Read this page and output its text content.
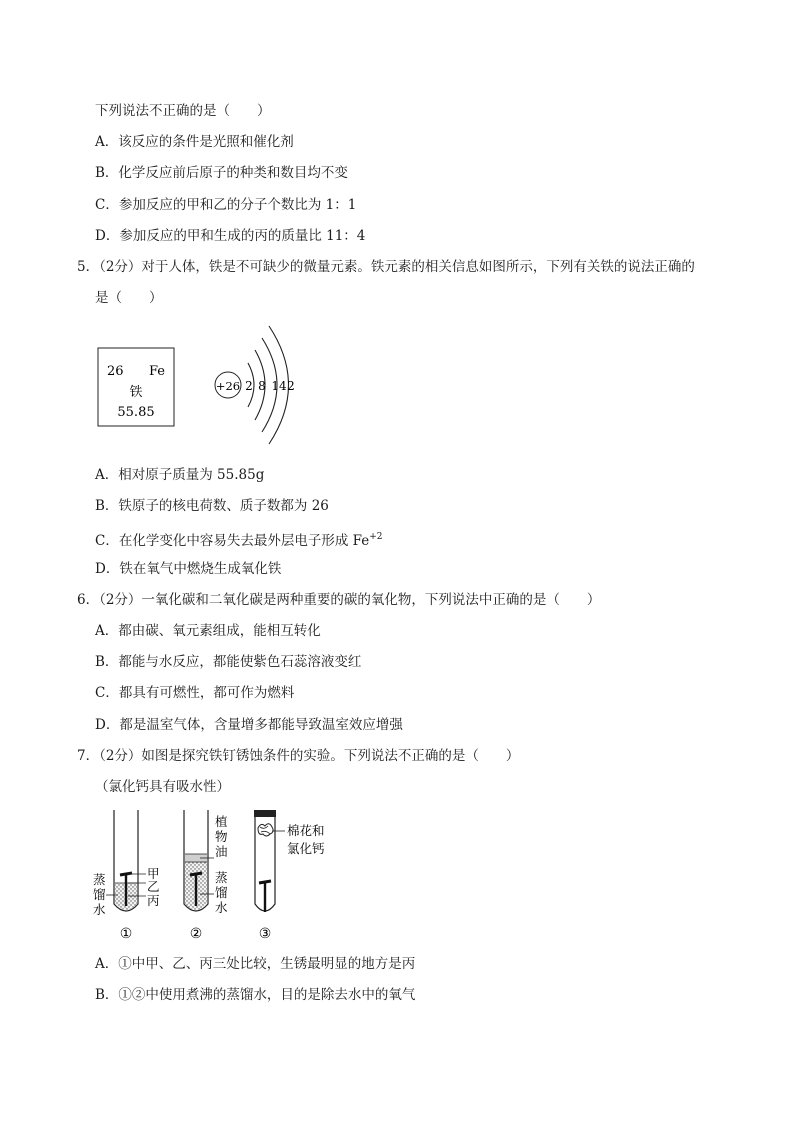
下列说法不正确的是（　　）
A．该反应的条件是光照和催化剂
B．化学反应前后原子的种类和数目均不变
C．参加反应的甲和乙的分子个数比为 1：1
D．参加反应的甲和生成的丙的质量比 11：4
5．（2分）对于人体，铁是不可缺少的微量元素。铁元素的相关信息如图所示，下列有关铁的说法正确的
是（　　）
26 Fe
铁
55.85
+26 2 8 14 2
A．相对原子质量为 55.85g
B．铁原子的核电荷数、质子数都为 26
C．在化学变化中容易失去最外层电子形成 $Fe^{+2}$
D．铁在氧气中燃烧生成氧化铁
6．（2分）一氧化碳和二氧化碳是两种重要的碳的氧化物，下列说法中正确的是（　　）
A．都由碳、氧元素组成，能相互转化
B．都能与水反应，都能使紫色石蕊溶液变红
C．都具有可燃性，都可作为燃料
D．都是温室气体，含量增多都能导致温室效应增强
7．（2分）如图是探究铁钉锈蚀条件的实验。下列说法不正确的是（　　）
（氯化钙具有吸水性）
蒸
馏
水
甲
乙
丙
①
植
物
油
蒸
馏
水
②
棉花和
氯化钙
③
A．①中甲、乙、丙三处比较，生锈最明显的地方是丙
B．①②中使用煮沸的蒸馏水，目的是除去水中的氧气
